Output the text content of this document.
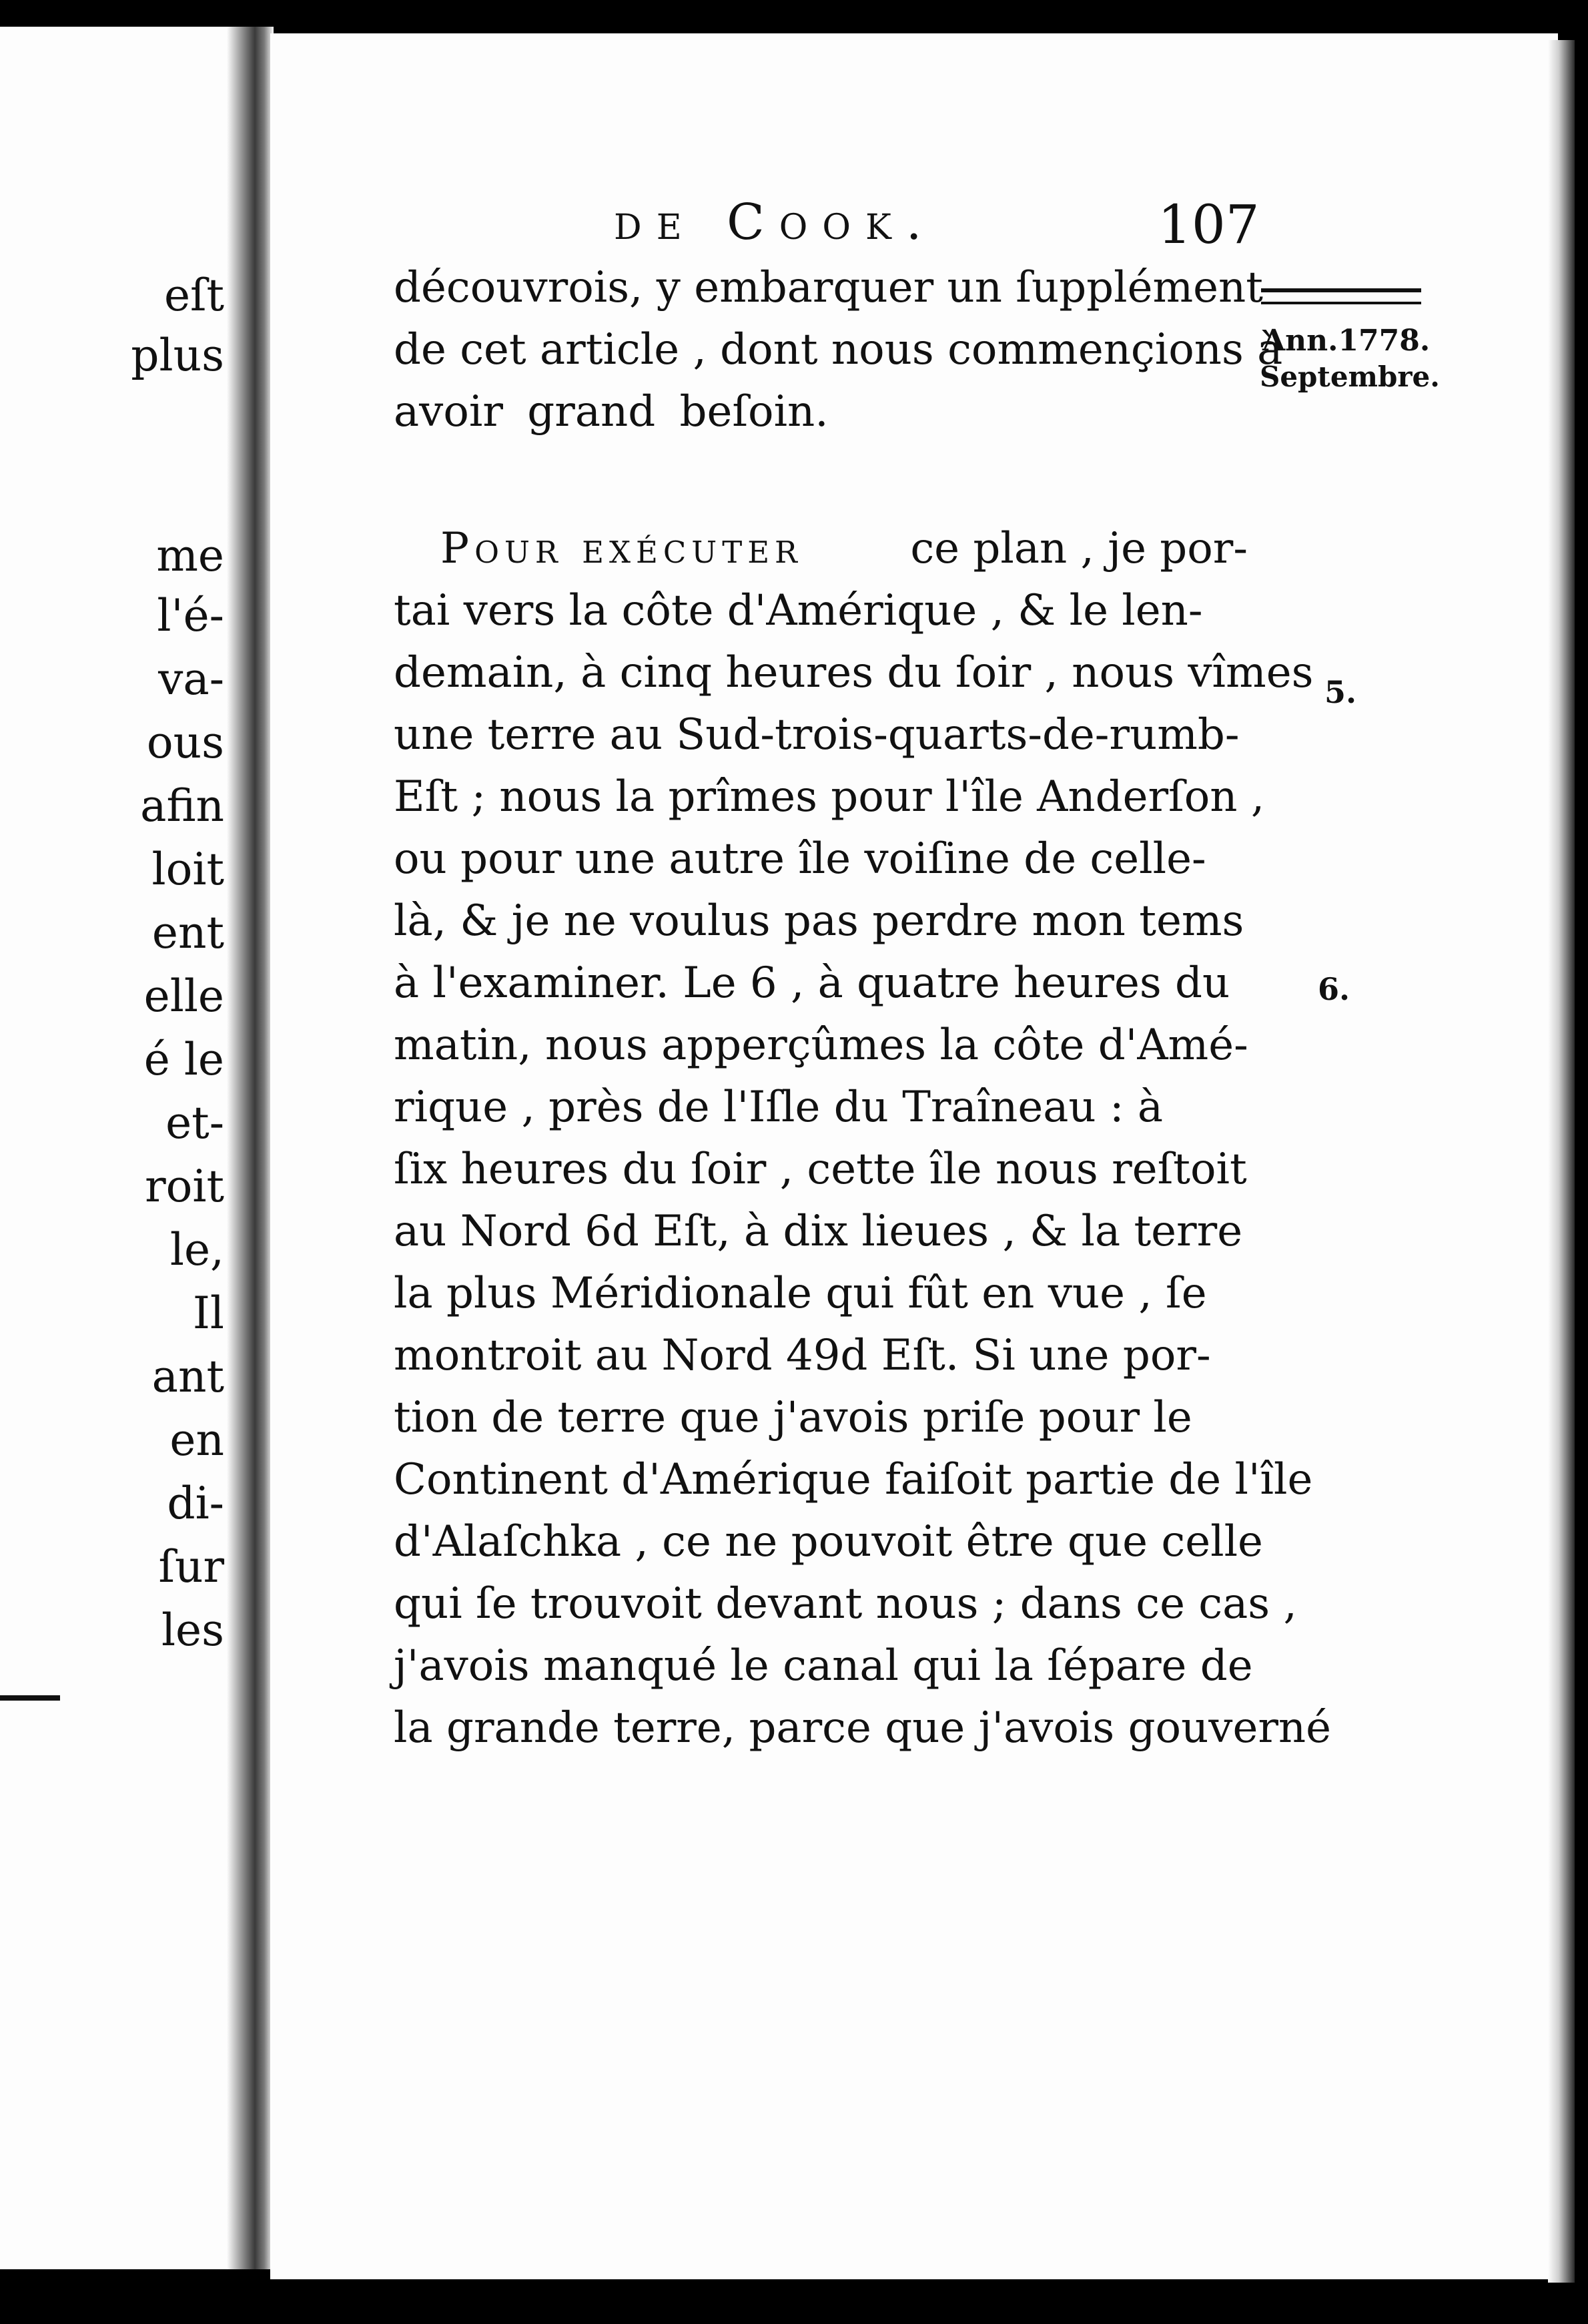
eſt
plus
me
l'é-
va-
ous
afin
loit
ent
elle
é le
et-
roit
le,
Il
ant
en
di-
ſur
les
de Cook.	107
Ann.1778.
Septembre.
5.
6.
découvrois, y embarquer un ſupplément
de cet article , dont nous commençions à
avoir grand beſoin.
Pour exécuter	ce plan , je por-
tai vers la côte d'Amérique , & le len-
demain, à cinq heures du ſoir , nous vîmes
une terre au Sud-trois-quarts-de-rumb-
Eſt ; nous la prîmes pour l'île Anderſon ,
ou pour une autre île voiſine de celle-
là, & je ne voulus pas perdre mon tems
à l'examiner. Le 6 , à quatre heures du
matin, nous apperçûmes la côte d'Amé-
rique , près de l'Iſle du Traîneau : à
ſix heures du ſoir , cette île nous reſtoit
au Nord 6d Eſt, à dix lieues , & la terre
la plus Méridionale qui fût en vue , ſe
montroit au Nord 49d Eſt. Si une por-
tion de terre que j'avois priſe pour le
Continent d'Amérique faiſoit partie de l'île
d'Alaſchka , ce ne pouvoit être que celle
qui ſe trouvoit devant nous ; dans ce cas ,
j'avois manqué le canal qui la ſépare de
la grande terre, parce que j'avois gouverné
